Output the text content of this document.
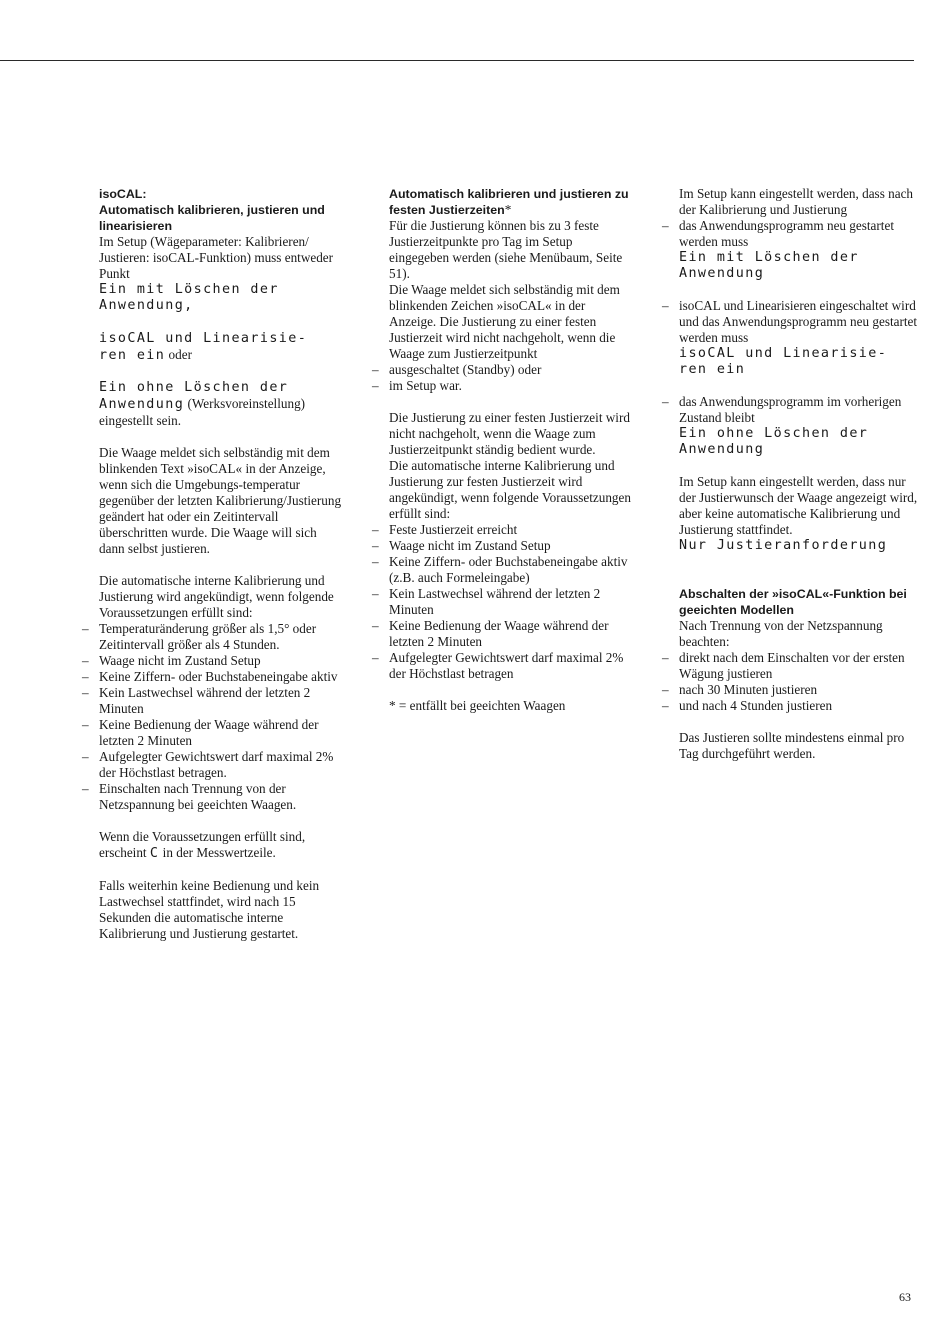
isoCAL:

Automatisch kalibrieren, justieren und linearisieren

Im Setup (Wägeparameter: Kalibrieren/ Justieren: isoCAL-Funktion) muss entweder Punkt

Ein mit Löschen der
Anwendung,

isoCAL und Linearisie-
ren ein oder

Ein ohne Löschen der

Anwendung (Werksvoreinstellung) eingestellt sein.

Die Waage meldet sich selbständig mit dem blinkenden Text »isoCAL« in der Anzeige, wenn sich die Umgebungs-temperatur gegenüber der letzten Kalibrierung/Justierung geändert hat oder ein Zeitintervall überschritten wurde. Die Waage will sich dann selbst justieren.

Die automatische interne Kalibrierung und Justierung wird angekündigt, wenn folgende Voraussetzungen erfüllt sind:

– Temperaturänderung größer als 1,5° oder Zeitintervall größer als 4 Stunden.
– Waage nicht im Zustand Setup
– Keine Ziffern- oder Buchstabeneingabe aktiv
– Kein Lastwechsel während der letzten 2 Minuten
– Keine Bedienung der Waage während der letzten 2 Minuten
– Aufgelegter Gewichtswert darf maximal 2% der Höchstlast betragen.
– Einschalten nach Trennung von der Netzspannung bei geeichten Waagen.

Wenn die Voraussetzungen erfüllt sind, erscheint C in der Messwertzeile.

Falls weiterhin keine Bedienung und kein Lastwechsel stattfindet, wird nach 15 Sekunden die automatische interne Kalibrierung und Justierung gestartet.

Automatisch kalibrieren und justieren zu festen Justierzeiten*

Für die Justierung können bis zu 3 feste Justierzeitpunkte pro Tag im Setup eingegeben werden (siehe Menübaum, Seite 51).

Die Waage meldet sich selbständig mit dem blinkenden Zeichen »isoCAL« in der Anzeige. Die Justierung zu einer festen Justierzeit wird nicht nachgeholt, wenn die Waage zum Justierzeitpunkt

– ausgeschaltet (Standby) oder
– im Setup war.

Die Justierung zu einer festen Justierzeit wird nicht nachgeholt, wenn die Waage zum Justierzeitpunkt ständig bedient wurde.

Die automatische interne Kalibrierung und Justierung zur festen Justierzeit wird angekündigt, wenn folgende Voraussetzungen erfüllt sind:

– Feste Justierzeit erreicht
– Waage nicht im Zustand Setup
– Keine Ziffern- oder Buchstabeneingabe aktiv (z.B. auch Formeleingabe)
– Kein Lastwechsel während der letzten 2 Minuten
– Keine Bedienung der Waage während der letzten 2 Minuten
– Aufgelegter Gewichtswert darf maximal 2% der Höchstlast betragen

* = entfällt bei geeichten Waagen

Im Setup kann eingestellt werden, dass nach der Kalibrierung und Justierung

– das Anwendungsprogramm neu gestartet werden muss

Ein mit Löschen der
Anwendung

– isoCAL und Linearisieren eingeschaltet wird und das Anwendungsprogramm neu gestartet werden muss

isoCAL und Linearisie-
ren ein

– das Anwendungsprogramm im vorherigen Zustand bleibt

Ein ohne Löschen der
Anwendung

Im Setup kann eingestellt werden, dass nur der Justierwunsch der Waage angezeigt wird, aber keine automatische Kalibrierung und Justierung stattfindet.

Nur Justieranforderung

Abschalten der »isoCAL«-Funktion bei geeichten Modellen

Nach Trennung von der Netzspannung beachten:

– direkt nach dem Einschalten vor der ersten Wägung justieren
– nach 30 Minuten justieren
– und nach 4 Stunden justieren

Das Justieren sollte mindestens einmal pro Tag durchgeführt werden.

63
